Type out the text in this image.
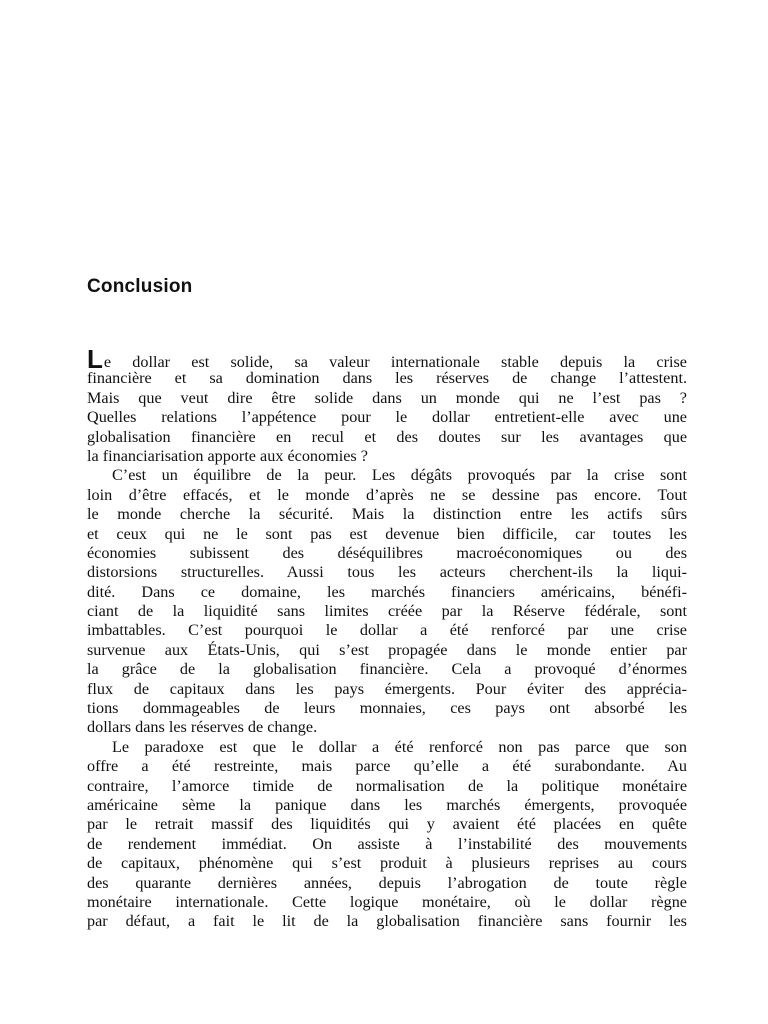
Conclusion
Le dollar est solide, sa valeur internationale stable depuis la crise
financière et sa domination dans les réserves de change l’attestent.
Mais que veut dire être solide dans un monde qui ne l’est pas ?
Quelles relations l’appétence pour le dollar entretient-elle avec une
globalisation financière en recul et des doutes sur les avantages que
la financiarisation apporte aux économies ?
C’est un équilibre de la peur. Les dégâts provoqués par la crise sont
loin d’être effacés, et le monde d’après ne se dessine pas encore. Tout
le monde cherche la sécurité. Mais la distinction entre les actifs sûrs
et ceux qui ne le sont pas est devenue bien difficile, car toutes les
économies subissent des déséquilibres macroéconomiques ou des
distorsions structurelles. Aussi tous les acteurs cherchent-ils la liqui-
dité. Dans ce domaine, les marchés financiers américains, bénéfi-
ciant de la liquidité sans limites créée par la Réserve fédérale, sont
imbattables. C’est pourquoi le dollar a été renforcé par une crise
survenue aux États-Unis, qui s’est propagée dans le monde entier par
la grâce de la globalisation financière. Cela a provoqué d’énormes
flux de capitaux dans les pays émergents. Pour éviter des apprécia-
tions dommageables de leurs monnaies, ces pays ont absorbé les
dollars dans les réserves de change.
Le paradoxe est que le dollar a été renforcé non pas parce que son
offre a été restreinte, mais parce qu’elle a été surabondante. Au
contraire, l’amorce timide de normalisation de la politique monétaire
américaine sème la panique dans les marchés émergents, provoquée
par le retrait massif des liquidités qui y avaient été placées en quête
de rendement immédiat. On assiste à l’instabilité des mouvements
de capitaux, phénomène qui s’est produit à plusieurs reprises au cours
des quarante dernières années, depuis l’abrogation de toute règle
monétaire internationale. Cette logique monétaire, où le dollar règne
par défaut, a fait le lit de la globalisation financière sans fournir les
